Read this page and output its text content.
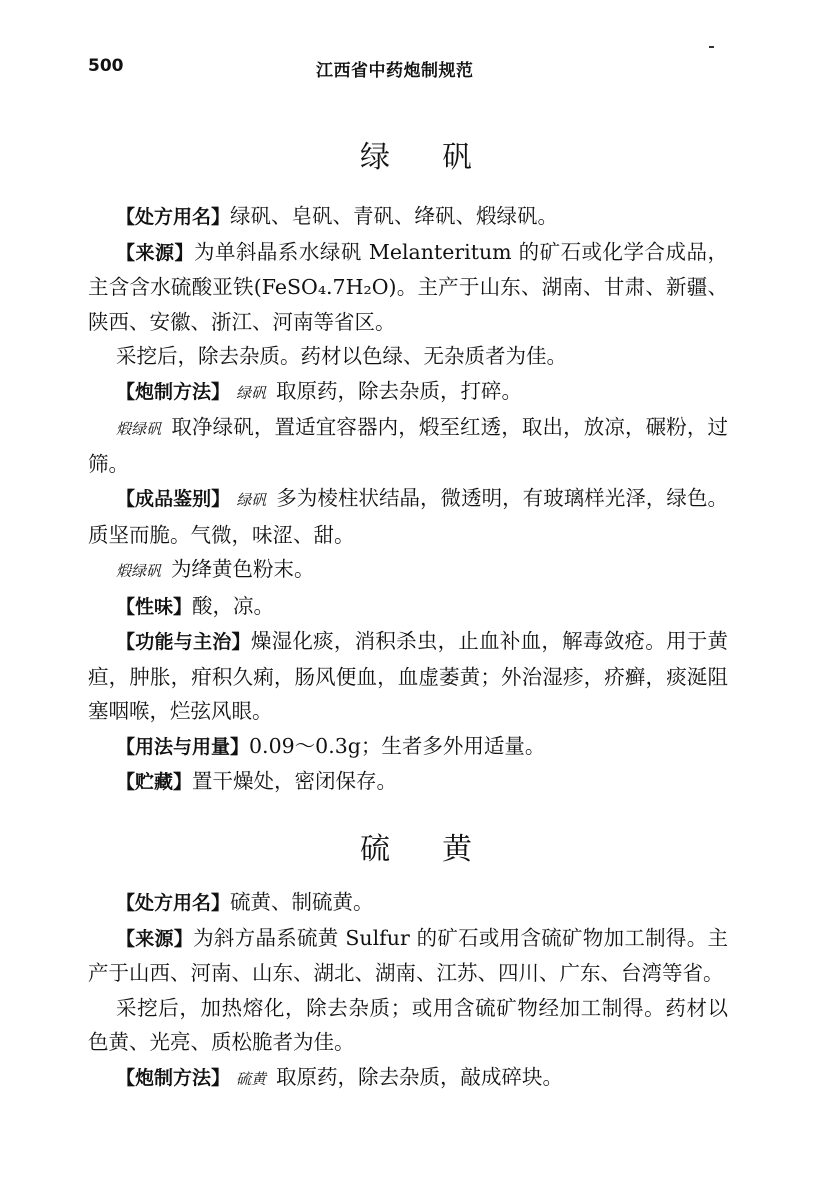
500	江西省中药炮制规范
绿矾

【处方用名】绿矾、皂矾、青矾、绛矾、煅绿矾。

【来源】为单斜晶系水绿矾 Melanteritum 的矿石或化学合成品，主含含水硫酸亚铁(FeSO₄.7H₂O)。主产于山东、湖南、甘肃、新疆、陕西、安徽、浙江、河南等省区。

采挖后，除去杂质。药材以色绿、无杂质者为佳。

【炮制方法】 绿矾 取原药，除去杂质，打碎。

煅绿矾 取净绿矾，置适宜容器内，煅至红透，取出，放凉，碾粉，过筛。

【成品鉴别】 绿矾 多为棱柱状结晶，微透明，有玻璃样光泽，绿色。质坚而脆。气微，味涩、甜。

煅绿矾 为绛黄色粉末。

【性味】酸，凉。

【功能与主治】燥湿化痰，消积杀虫，止血补血，解毒敛疮。用于黄疸，肿胀，疳积久痢，肠风便血，血虚萎黄；外治湿疹，疥癣，痰涎阻塞咽喉，烂弦风眼。

【用法与用量】0.09～0.3g；生者多外用适量。

【贮藏】置干燥处，密闭保存。

硫黄

【处方用名】硫黄、制硫黄。

【来源】为斜方晶系硫黄 Sulfur 的矿石或用含硫矿物加工制得。主产于山西、河南、山东、湖北、湖南、江苏、四川、广东、台湾等省。

采挖后，加热熔化，除去杂质；或用含硫矿物经加工制得。药材以色黄、光亮、质松脆者为佳。

【炮制方法】 硫黄 取原药，除去杂质，敲成碎块。
